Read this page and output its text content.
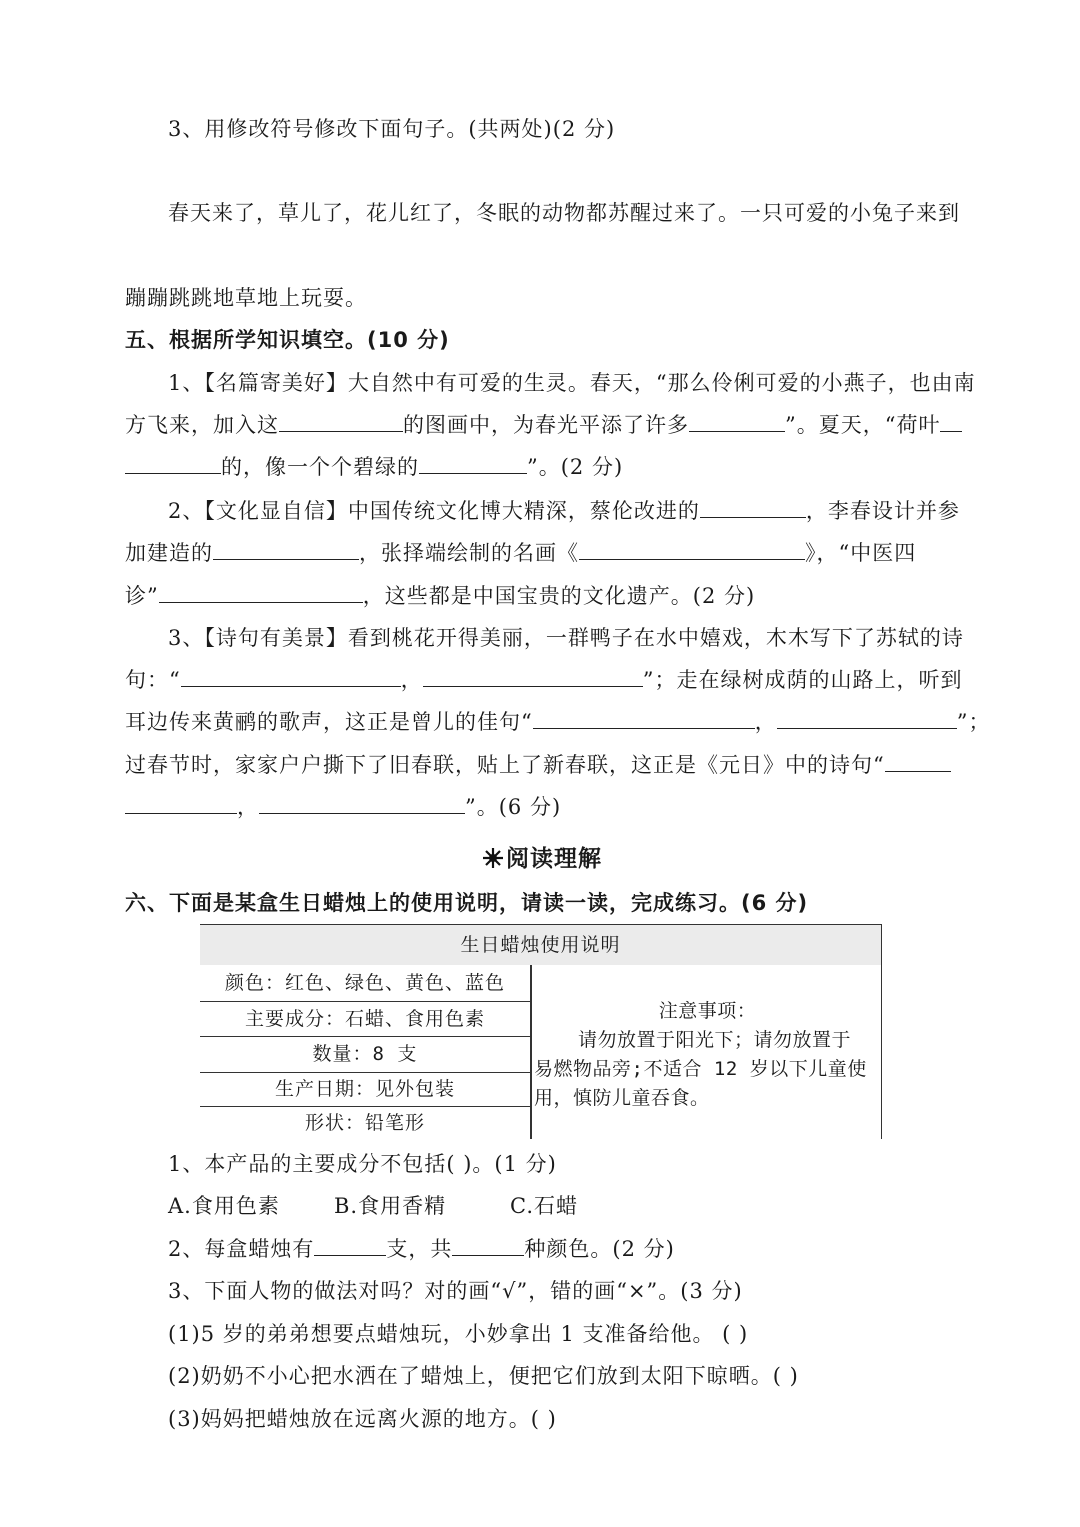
3、用修改符号修改下面句子。(共两处)(2 分)
春天来了，草儿了，花儿红了，冬眠的动物都苏醒过来了。一只可爱的小兔子来到
蹦蹦跳跳地草地上玩耍。
五、根据所学知识填空。(10 分)
1、【名篇寄美好】大自然中有可爱的生灵。春天，“那么伶俐可爱的小燕子，也由南
方飞来，加入这	的图画中，为春光平添了许多	”。夏天，“荷叶
的，像一个个碧绿的	”。(2 分)
2、【文化显自信】中国传统文化博大精深，蔡伦改进的	，李春设计并参
加建造的	，张择端绘制的名画《	》，“中医四
诊”	，这些都是中国宝贵的文化遗产。(2 分)
3、【诗句有美景】看到桃花开得美丽，一群鸭子在水中嬉戏，木木写下了苏轼的诗
句：“	，	”；走在绿树成荫的山路上，听到
耳边传来黄鹂的歌声，这正是曾儿的佳句“	，	”；
过春节时，家家户户撕下了旧春联，贴上了新春联，这正是《元日》中的诗句“
，	”。(6 分)
阅读理解
六、下面是某盒生日蜡烛上的使用说明，请读一读，完成练习。(6 分)
生日蜡烛使用说明
颜色：红色、绿色、黄色、蓝色
主要成分：石蜡、食用色素
数量：8 支
生产日期：见外包装
形状：铅笔形
注意事项：
请勿放置于阳光下；请勿放置于
易燃物品旁;不适合 12 岁以下儿童使
用，慎防儿童吞食。
1、本产品的主要成分不包括( )。(1 分)
A.食用色素	B.食用香精	C.石蜡
2、每盒蜡烛有	支，共	种颜色。(2 分)
3、下面人物的做法对吗？对的画“√”，错的画“×”。(3 分)
(1)5 岁的弟弟想要点蜡烛玩，小妙拿出 1 支准备给他。 ( )
(2)奶奶不小心把水洒在了蜡烛上，便把它们放到太阳下晾晒。( )
(3)妈妈把蜡烛放在远离火源的地方。( )
